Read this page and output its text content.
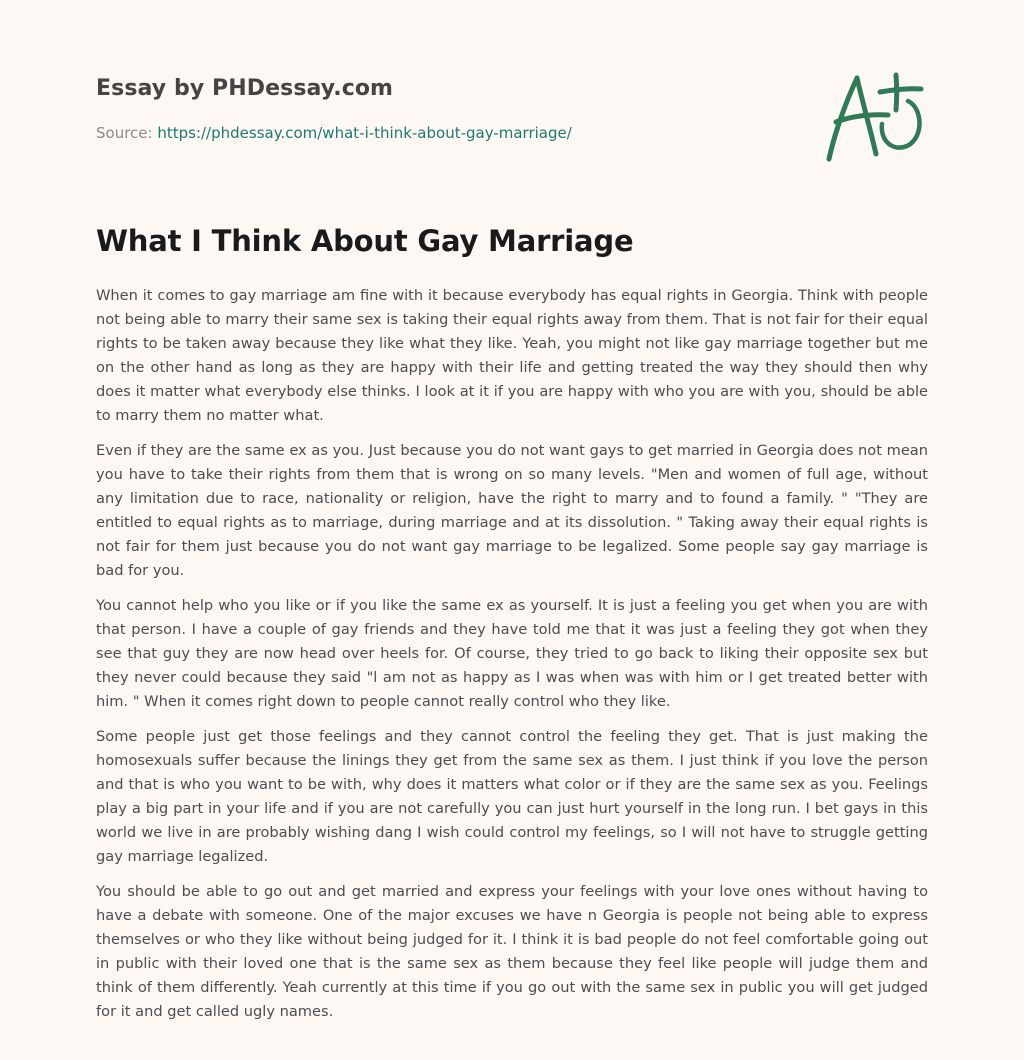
Essay by PHDessay.com
Source: https://phdessay.com/what-i-think-about-gay-marriage/
What I Think About Gay Marriage

When it comes to gay marriage am fine with it because everybody has equal rights in Georgia. Think with people not being able to marry their same sex is taking their equal rights away from them. That is not fair for their equal rights to be taken away because they like what they like. Yeah, you might not like gay marriage together but me on the other hand as long as they are happy with their life and getting treated the way they should then why does it matter what everybody else thinks. I look at it if you are happy with who you are with you, should be able to marry them no matter what.

Even if they are the same ex as you. Just because you do not want gays to get married in Georgia does not mean you have to take their rights from them that is wrong on so many levels. "Men and women of full age, without any limitation due to race, nationality or religion, have the right to marry and to found a family. " "They are entitled to equal rights as to marriage, during marriage and at its dissolution. " Taking away their equal rights is not fair for them just because you do not want gay marriage to be legalized. Some people say gay marriage is bad for you.

You cannot help who you like or if you like the same ex as yourself. It is just a feeling you get when you are with that person. I have a couple of gay friends and they have told me that it was just a feeling they got when they see that guy they are now head over heels for. Of course, they tried to go back to liking their opposite sex but they never could because they said "l am not as happy as I was when was with him or I get treated better with him. " When it comes right down to people cannot really control who they like.

Some people just get those feelings and they cannot control the feeling they get. That is just making the homosexuals suffer because the linings they get from the same sex as them. I just think if you love the person and that is who you want to be with, why does it matters what color or if they are the same sex as you. Feelings play a big part in your life and if you are not carefully you can just hurt yourself in the long run. I bet gays in this world we live in are probably wishing dang I wish could control my feelings, so I will not have to struggle getting gay marriage legalized.

You should be able to go out and get married and express your feelings with your love ones without having to have a debate with someone. One of the major excuses we have n Georgia is people not being able to express themselves or who they like without being judged for it. I think it is bad people do not feel comfortable going out in public with their loved one that is the same sex as them because they feel like people will judge them and think of them differently. Yeah currently at this time if you go out with the same sex in public you will get judged for it and get called ugly names.
